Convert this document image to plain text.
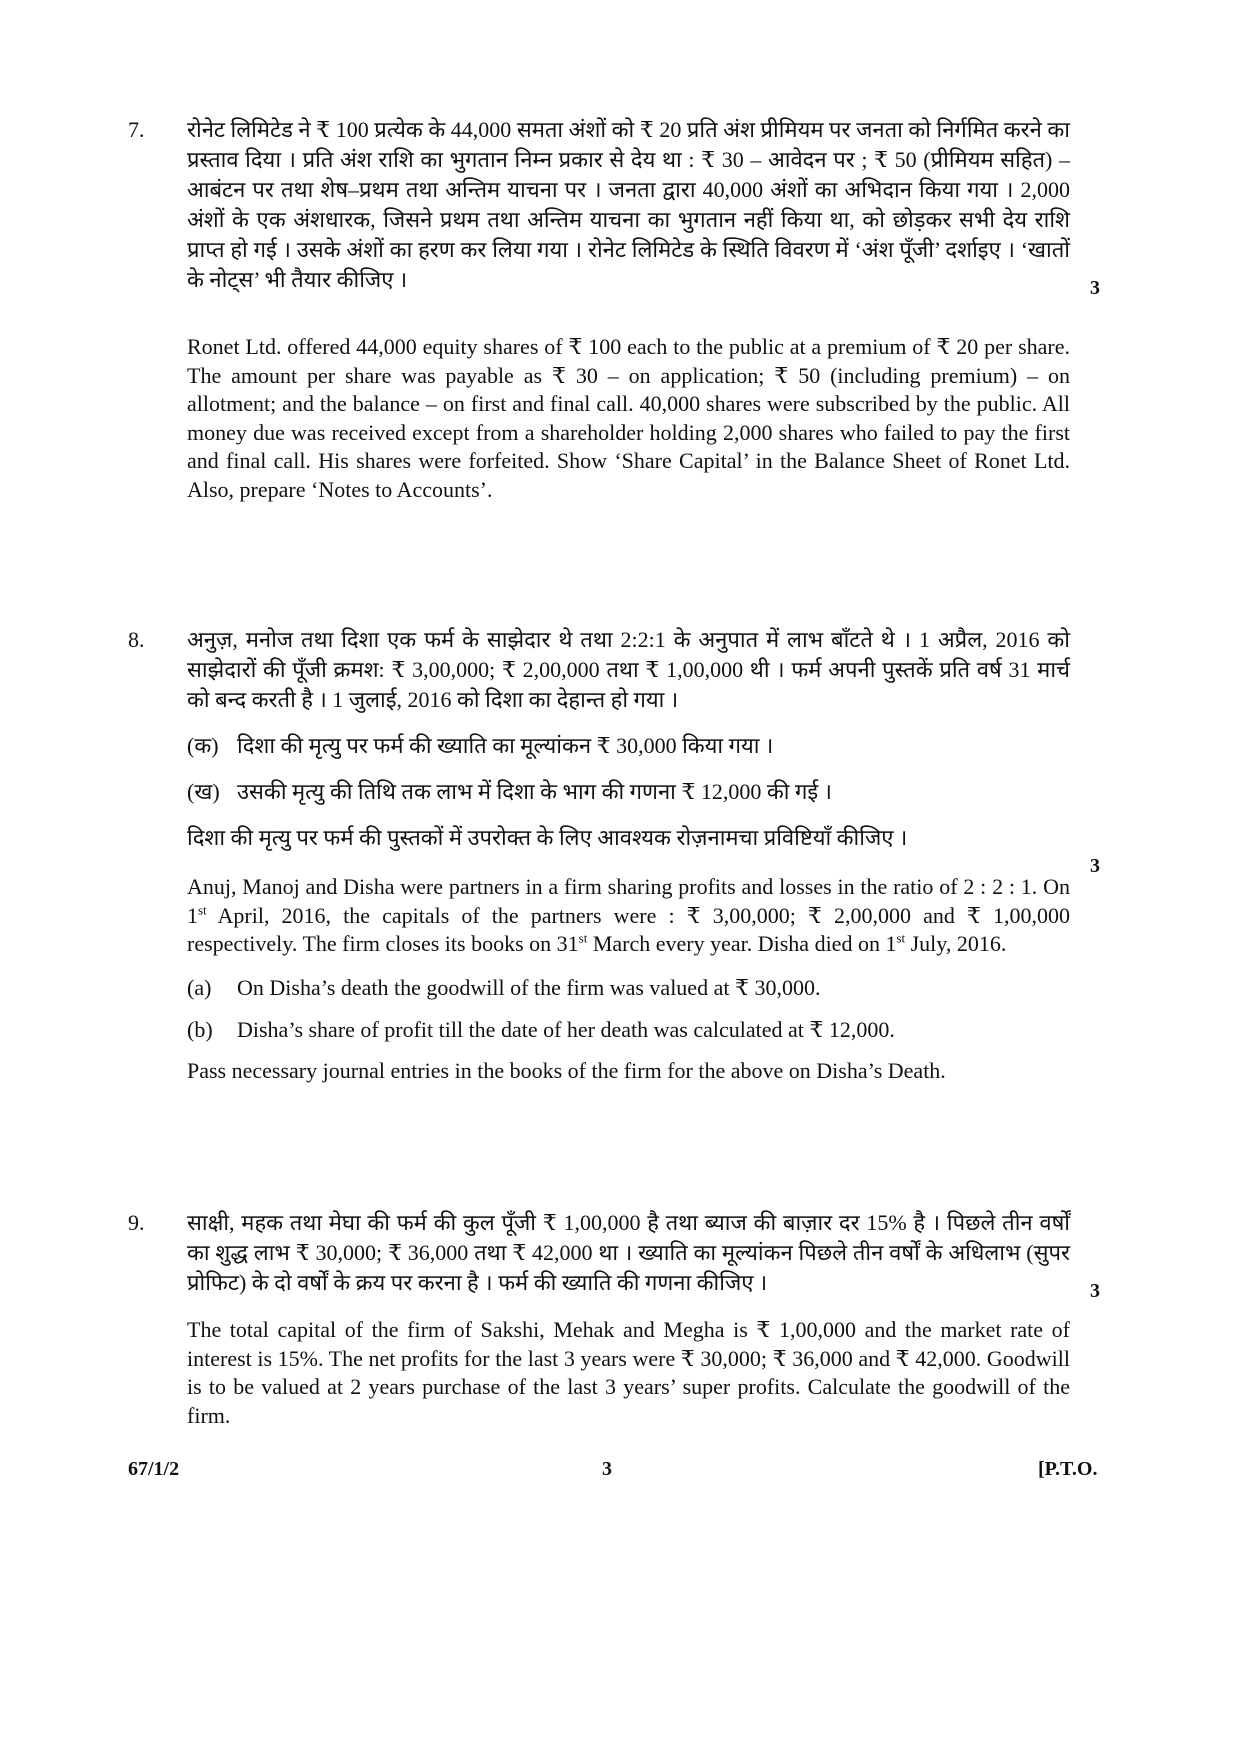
7. रोनेट लिमिटेड ने ₹ 100 प्रत्येक के 44,000 समता अंशों को ₹ 20 प्रति अंश प्रीमियम पर जनता को निर्गमित करने का प्रस्ताव दिया । प्रति अंश राशि का भुगतान निम्न प्रकार से देय था : ₹ 30 – आवेदन पर ; ₹ 50 (प्रीमियम सहित) – आबंटन पर तथा शेष–प्रथम तथा अन्तिम याचना पर । जनता द्वारा 40,000 अंशों का अभिदान किया गया । 2,000 अंशों के एक अंशधारक, जिसने प्रथम तथा अन्तिम याचना का भुगतान नहीं किया था, को छोड़कर सभी देय राशि प्राप्त हो गई । उसके अंशों का हरण कर लिया गया । रोनेट लिमिटेड के स्थिति विवरण में ‘अंश पूँजी’ दर्शाइए । ‘खातों के नोट्स’ भी तैयार कीजिए ।	3

Ronet Ltd. offered 44,000 equity shares of ₹ 100 each to the public at a premium of ₹ 20 per share. The amount per share was payable as ₹ 30 – on application; ₹ 50 (including premium) – on allotment; and the balance – on first and final call. 40,000 shares were subscribed by the public. All money due was received except from a shareholder holding 2,000 shares who failed to pay the first and final call. His shares were forfeited. Show ‘Share Capital’ in the Balance Sheet of Ronet Ltd. Also, prepare ‘Notes to Accounts’.

8. अनुज़, मनोज तथा दिशा एक फर्म के साझेदार थे तथा 2:2:1 के अनुपात में लाभ बाँटते थे । 1 अप्रैल, 2016 को साझेदारों की पूँजी क्रमश: ₹ 3,00,000; ₹ 2,00,000 तथा ₹ 1,00,000 थी । फर्म अपनी पुस्तकें प्रति वर्ष 31 मार्च को बन्द करती है । 1 जुलाई, 2016 को दिशा का देहान्त हो गया ।

(क) दिशा की मृत्यु पर फर्म की ख्याति का मूल्यांकन ₹ 30,000 किया गया ।

(ख) उसकी मृत्यु की तिथि तक लाभ में दिशा के भाग की गणना ₹ 12,000 की गई ।

दिशा की मृत्यु पर फर्म की पुस्तकों में उपरोक्त के लिए आवश्यक रोज़नामचा प्रविष्टियाँ कीजिए ।

Anuj, Manoj and Disha were partners in a firm sharing profits and losses in the ratio of 2 : 2 : 1. On 1st April, 2016, the capitals of the partners were : ₹ 3,00,000; ₹ 2,00,000 and ₹ 1,00,000 respectively. The firm closes its books on 31st March every year. Disha died on 1st July, 2016.

(a)	On Disha’s death the goodwill of the firm was valued at ₹ 30,000.

(b)	Disha’s share of profit till the date of her death was calculated at ₹ 12,000.

Pass necessary journal entries in the books of the firm for the above on Disha’s Death.

3
9. साक्षी, महक तथा मेघा की फर्म की कुल पूँजी ₹ 1,00,000 है तथा ब्याज की बाज़ार दर 15% है । पिछले तीन वर्षों का शुद्ध लाभ ₹ 30,000; ₹ 36,000 तथा ₹ 42,000 था । ख्याति का मूल्यांकन पिछले तीन वर्षों के अधिलाभ (सुपर प्रोफिट) के दो वर्षों के क्रय पर करना है । फर्म की ख्याति की गणना कीजिए ।

The total capital of the firm of Sakshi, Mehak and Megha is ₹ 1,00,000 and the market rate of interest is 15%. The net profits for the last 3 years were ₹ 30,000; ₹ 36,000 and ₹ 42,000. Goodwill is to be valued at 2 years purchase of the last 3 years’ super profits. Calculate the goodwill of the firm.

3
67/1/2	3	[P.T.O.
